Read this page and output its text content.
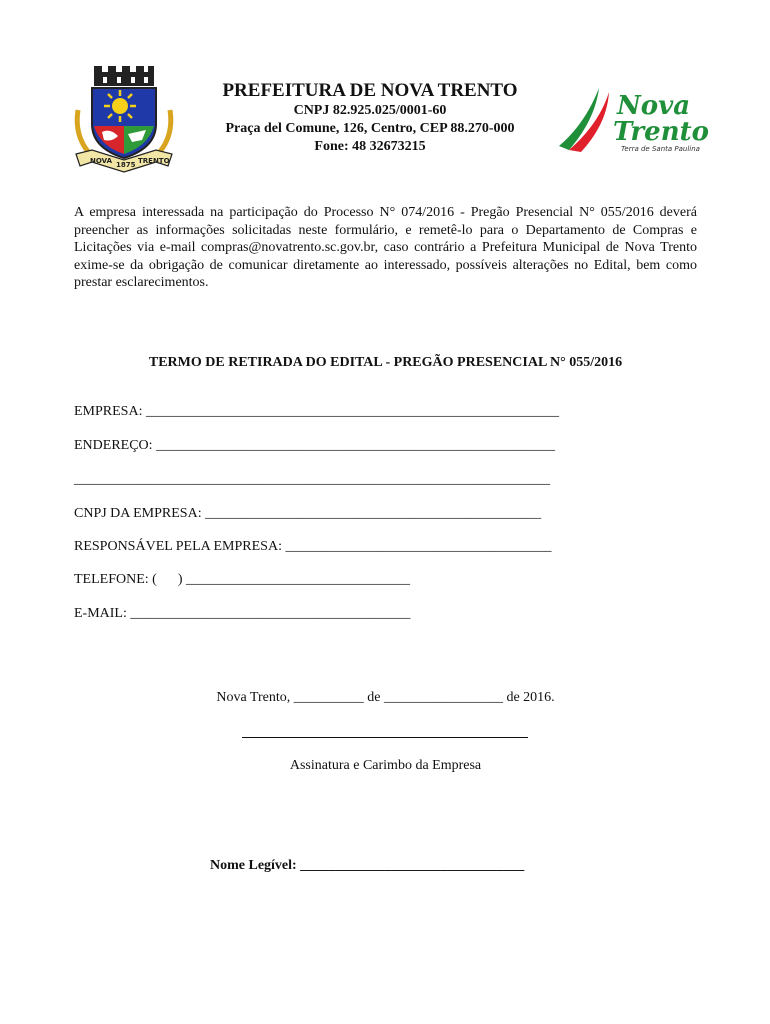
NOVA 1875 TRENTO
PREFEITURA DE NOVA TRENTO
CNPJ 82.925.025/0001-60
Praça del Comune, 126, Centro, CEP 88.270-000
Fone: 48 32673215
Nova
Trento
Terra de Santa Paulina
A empresa interessada na participação do Processo N° 074/2016 - Pregão Presencial N° 055/2016 deverá preencher as informações solicitadas neste formulário, e remetê-lo para o Departamento de Compras e Licitações via e-mail compras@novatrento.sc.gov.br, caso contrário a Prefeitura Municipal de Nova Trento exime-se da obrigação de comunicar diretamente ao interessado, possíveis alterações no Edital, bem como prestar esclarecimentos.
TERMO DE RETIRADA DO EDITAL - PREGÃO PRESENCIAL N° 055/2016
EMPRESA: ___________________________________________________________
ENDEREÇO: _________________________________________________________
____________________________________________________________________
CNPJ DA EMPRESA: ________________________________________________
RESPONSÁVEL PELA EMPRESA: ______________________________________
TELEFONE: (      ) ________________________________
E-MAIL: ________________________________________
Nova Trento, __________ de _________________ de 2016.
Assinatura e Carimbo da Empresa
Nome Legível: ________________________________
